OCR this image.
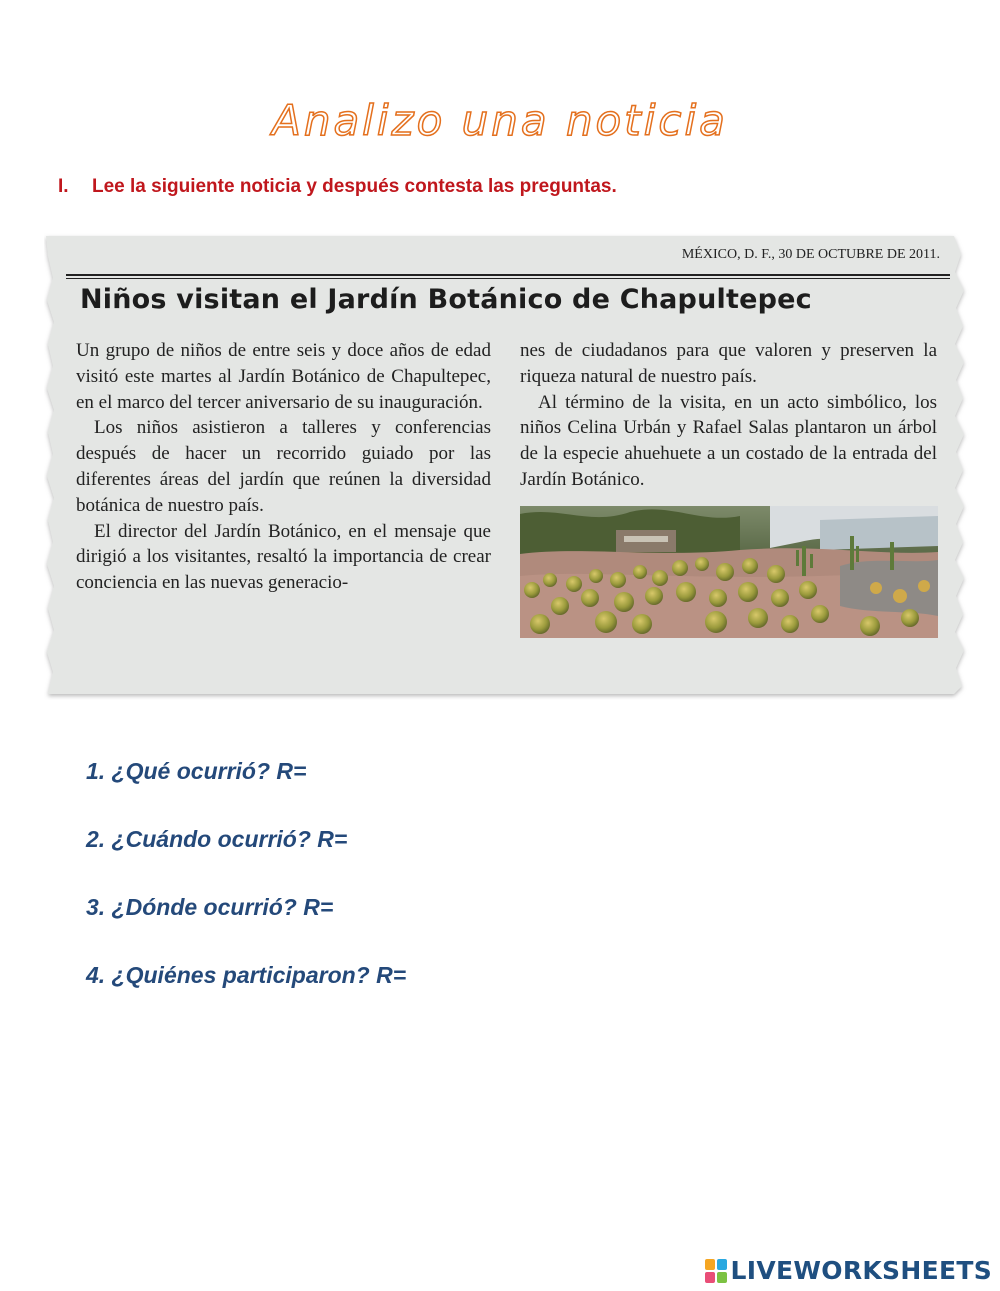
Analizo una noticia
I. Lee la siguiente noticia y después contesta las preguntas.
MÉXICO, D. F., 30 DE OCTUBRE DE 2011.
Niños visitan el Jardín Botánico de Chapultepec

Un grupo de niños de entre seis y doce años de edad visitó este martes al Jardín Botánico de Chapultepec, en el marco del tercer aniversario de su inauguración.

Los niños asistieron a talleres y conferencias después de hacer un recorrido guiado por las diferentes áreas del jardín que reúnen la diversidad botánica de nuestro país.

El director del Jardín Botánico, en el mensaje que dirigió a los visitantes, resaltó la importancia de crear conciencia en las nuevas generacio-

nes de ciudadanos para que valoren y preserven la riqueza natural de nuestro país.

Al término de la visita, en un acto simbólico, los niños Celina Urbán y Rafael Salas plantaron un árbol de la especie ahuehuete a un costado de la entrada del Jardín Botánico.

1. ¿Qué ocurrió? R=
2. ¿Cuándo ocurrió? R=
3. ¿Dónde ocurrió? R=
4. ¿Quiénes participaron? R=
LIVEWORKSHEETS
